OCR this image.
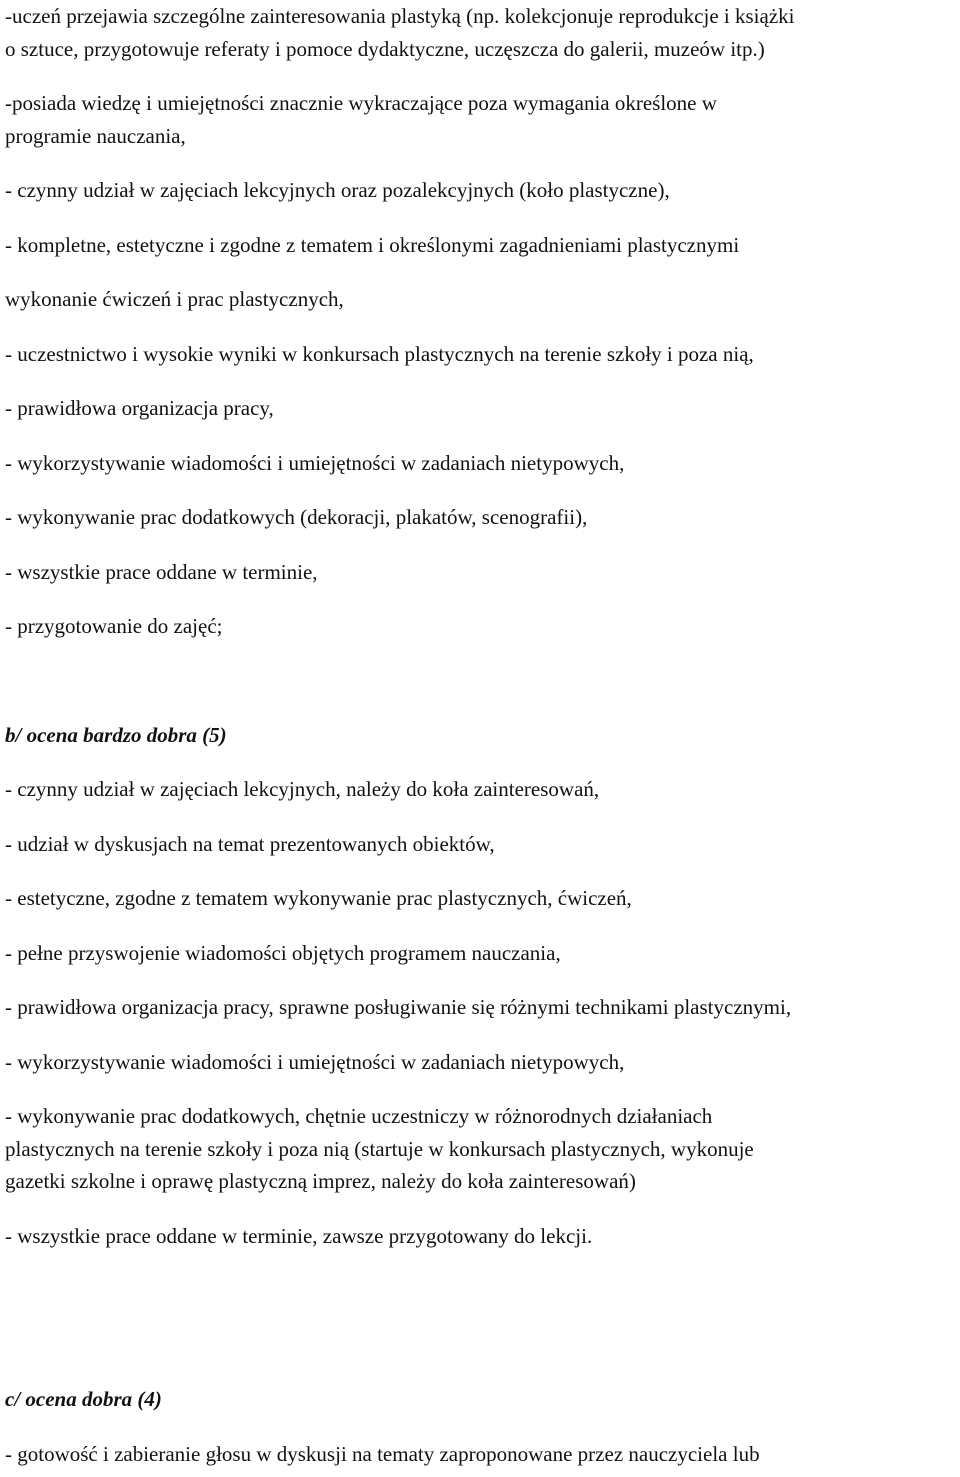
-uczeń przejawia szczególne zainteresowania plastyką (np. kolekcjonuje reprodukcje i książki
o sztuce, przygotowuje referaty i pomoce dydaktyczne, uczęszcza do galerii, muzeów itp.)

-posiada wiedzę i umiejętności znacznie wykraczające poza wymagania określone w
programie nauczania,

- czynny udział w zajęciach lekcyjnych oraz pozalekcyjnych (koło plastyczne),

- kompletne, estetyczne i zgodne z tematem i określonymi zagadnieniami plastycznymi

wykonanie ćwiczeń i prac plastycznych,

- uczestnictwo i wysokie wyniki w konkursach plastycznych na terenie szkoły i poza nią,

- prawidłowa organizacja pracy,

- wykorzystywanie wiadomości i umiejętności w zadaniach nietypowych,

- wykonywanie prac dodatkowych (dekoracji, plakatów, scenografii),

- wszystkie prace oddane w terminie,

- przygotowanie do zajęć;

b/ ocena bardzo dobra (5)

- czynny udział w zajęciach lekcyjnych, należy do koła zainteresowań,

- udział w dyskusjach na temat prezentowanych obiektów,

- estetyczne, zgodne z tematem wykonywanie prac plastycznych, ćwiczeń,

- pełne przyswojenie wiadomości objętych programem nauczania,

- prawidłowa organizacja pracy, sprawne posługiwanie się różnymi technikami plastycznymi,

- wykorzystywanie wiadomości i umiejętności w zadaniach nietypowych,

- wykonywanie prac dodatkowych, chętnie uczestniczy w różnorodnych działaniach
plastycznych na terenie szkoły i poza nią (startuje w konkursach plastycznych, wykonuje
gazetki szkolne i oprawę plastyczną imprez, należy do koła zainteresowań)

- wszystkie prace oddane w terminie, zawsze przygotowany do lekcji.

c/ ocena dobra (4)

- gotowość i zabieranie głosu w dyskusji na tematy zaproponowane przez nauczyciela lub
